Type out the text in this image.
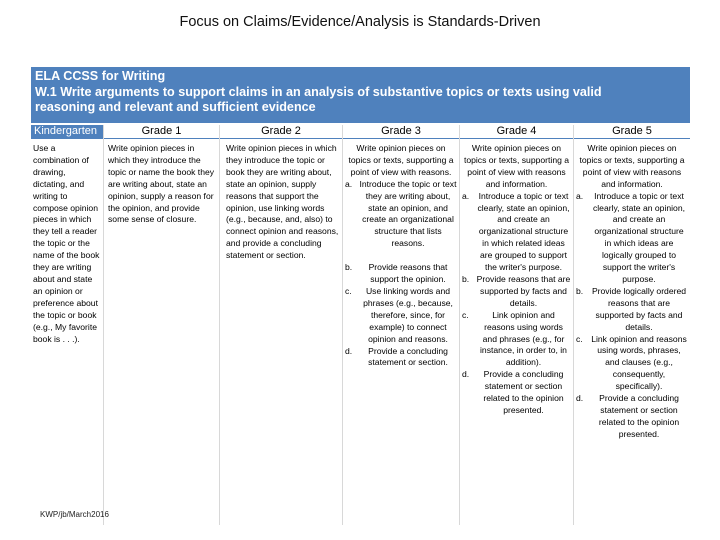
Focus on Claims/Evidence/Analysis is Standards-Driven
ELA CCSS for Writing
W.1 Write arguments to support claims in an analysis of substantive topics or texts using valid
reasoning and relevant and sufficient evidence
Kindergarten
Use a combination of drawing, dictating, and writing to compose opinion pieces in which they tell a reader the topic or the name of the book they are writing about and state an opinion or preference about the topic or book (e.g., My favorite book is . . .).
Grade 1
Write opinion pieces in which they introduce the topic or name the book they are writing about, state an opinion, supply a reason for the opinion, and provide some sense of closure.
Grade 2
Write opinion pieces in which they introduce the topic or book they are writing about, state an opinion, supply reasons that support the opinion, use linking words (e.g., because, and, also) to connect opinion and reasons, and provide a concluding statement or section.
Grade 3
Write opinion pieces on topics or texts, supporting a point of view with reasons.
a. Introduce the topic or text they are writing about, state an opinion, and create an organizational structure that lists reasons.
b.	Provide reasons that support the opinion.
c.	Use linking words and phrases (e.g., because, therefore, since, for example) to connect opinion and reasons.
d.	Provide a concluding statement or section.
Grade 4
Write opinion pieces on topics or texts, supporting a point of view with reasons and information.
a.	Introduce a topic or text clearly, state an opinion, and create an organizational structure in which related ideas are grouped to support the writer's purpose.
b. Provide reasons that are supported by facts and details.
c.	Link opinion and reasons using words and phrases (e.g., for instance, in order to, in addition).
d.	Provide a concluding statement or section related to the opinion presented.
Grade 5
Write opinion pieces on topics or texts, supporting a point of view with reasons and information.
a.	Introduce a topic or text clearly, state an opinion, and create an organizational structure in which ideas are logically grouped to support the writer's purpose.
b.	Provide logically ordered reasons that are supported by facts and details.
c. Link opinion and reasons using words, phrases, and clauses (e.g., consequently, specifically).
d.	Provide a concluding statement or section related to the opinion presented.
KWP/jb/March2016
